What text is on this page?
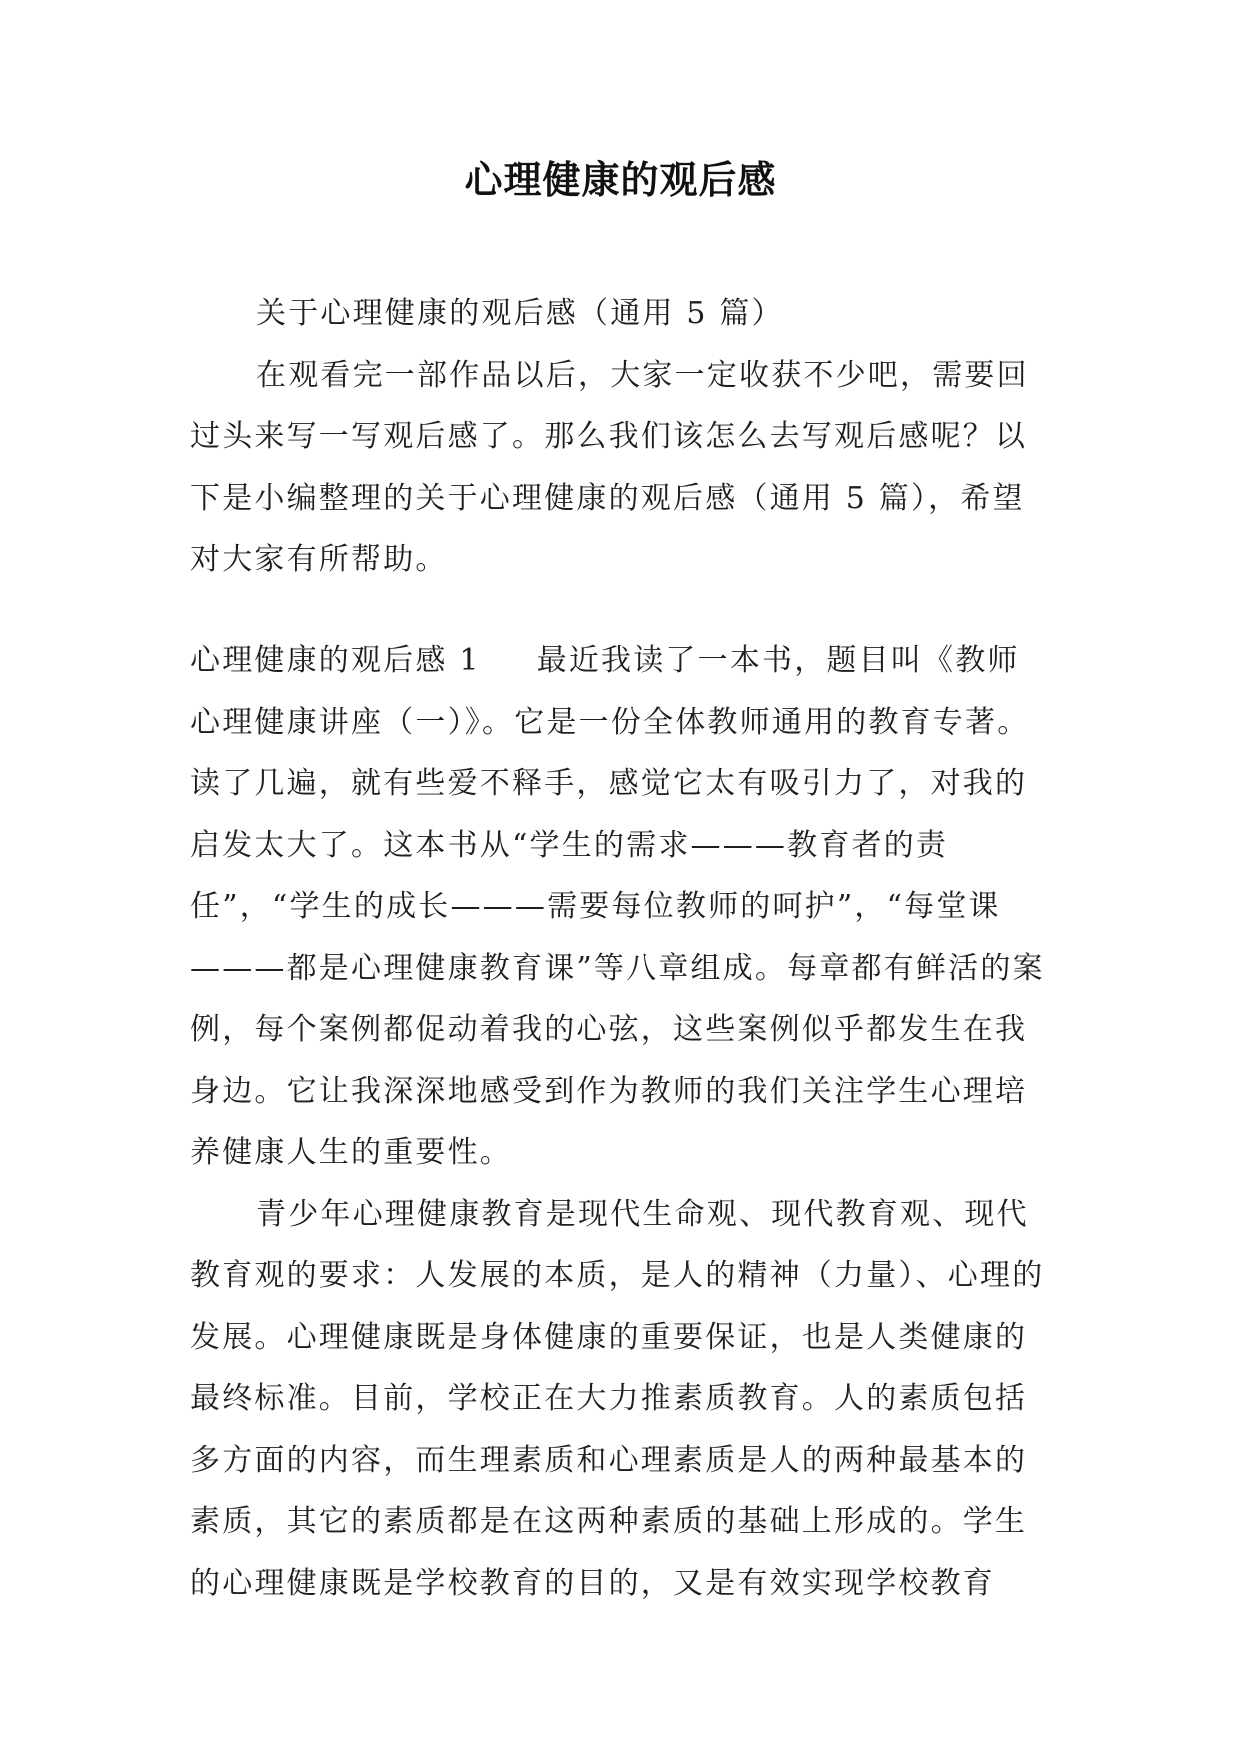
心理健康的观后感

关于心理健康的观后感（通用 5 篇）

在观看完一部作品以后，大家一定收获不少吧，需要回过头来写一写观后感了。那么我们该怎么去写观后感呢？以下是小编整理的关于心理健康的观后感（通用 5 篇），希望对大家有所帮助。

心理健康的观后感 1 最近我读了一本书，题目叫《教师心理健康讲座（一）》。它是一份全体教师通用的教育专著。读了几遍，就有些爱不释手，感觉它太有吸引力了，对我的启发太大了。这本书从“学生的需求———教育者的责任”，“学生的成长———需要每位教师的呵护”，“每堂课———都是心理健康教育课”等八章组成。每章都有鲜活的案例，每个案例都促动着我的心弦，这些案例似乎都发生在我身边。它让我深深地感受到作为教师的我们关注学生心理培养健康人生的重要性。

青少年心理健康教育是现代生命观、现代教育观、现代教育观的要求：人发展的本质，是人的精神（力量）、心理的发展。心理健康既是身体健康的重要保证，也是人类健康的最终标准。目前，学校正在大力推素质教育。人的素质包括多方面的内容，而生理素质和心理素质是人的两种最基本的素质，其它的素质都是在这两种素质的基础上形成的。学生的心理健康既是学校教育的目的，又是有效实现学校教育
